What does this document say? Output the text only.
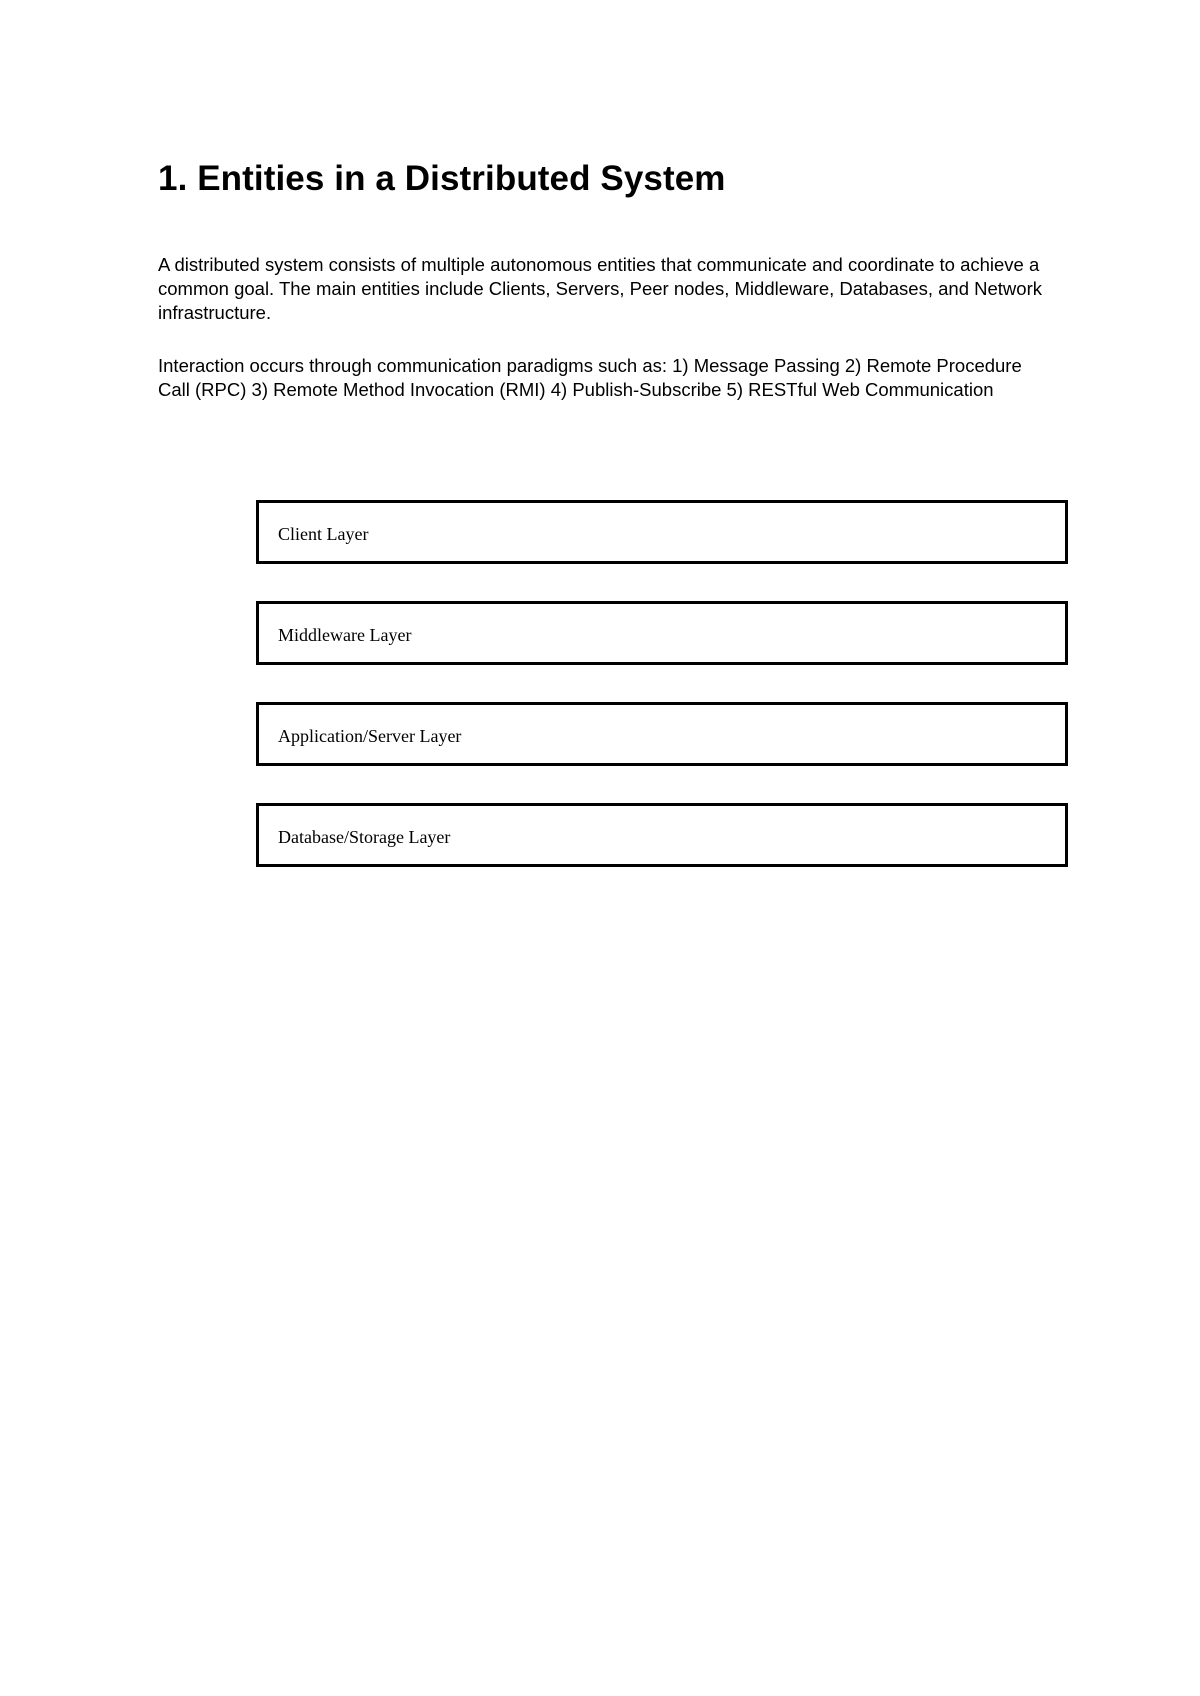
1. Entities in a Distributed System

A distributed system consists of multiple autonomous entities that communicate and coordinate to achieve a common goal. The main entities include Clients, Servers, Peer nodes, Middleware, Databases, and Network infrastructure.

Interaction occurs through communication paradigms such as: 1) Message Passing 2) Remote Procedure Call (RPC) 3) Remote Method Invocation (RMI) 4) Publish-Subscribe 5) RESTful Web Communication

Client Layer
Middleware Layer
Application/Server Layer
Database/Storage Layer
